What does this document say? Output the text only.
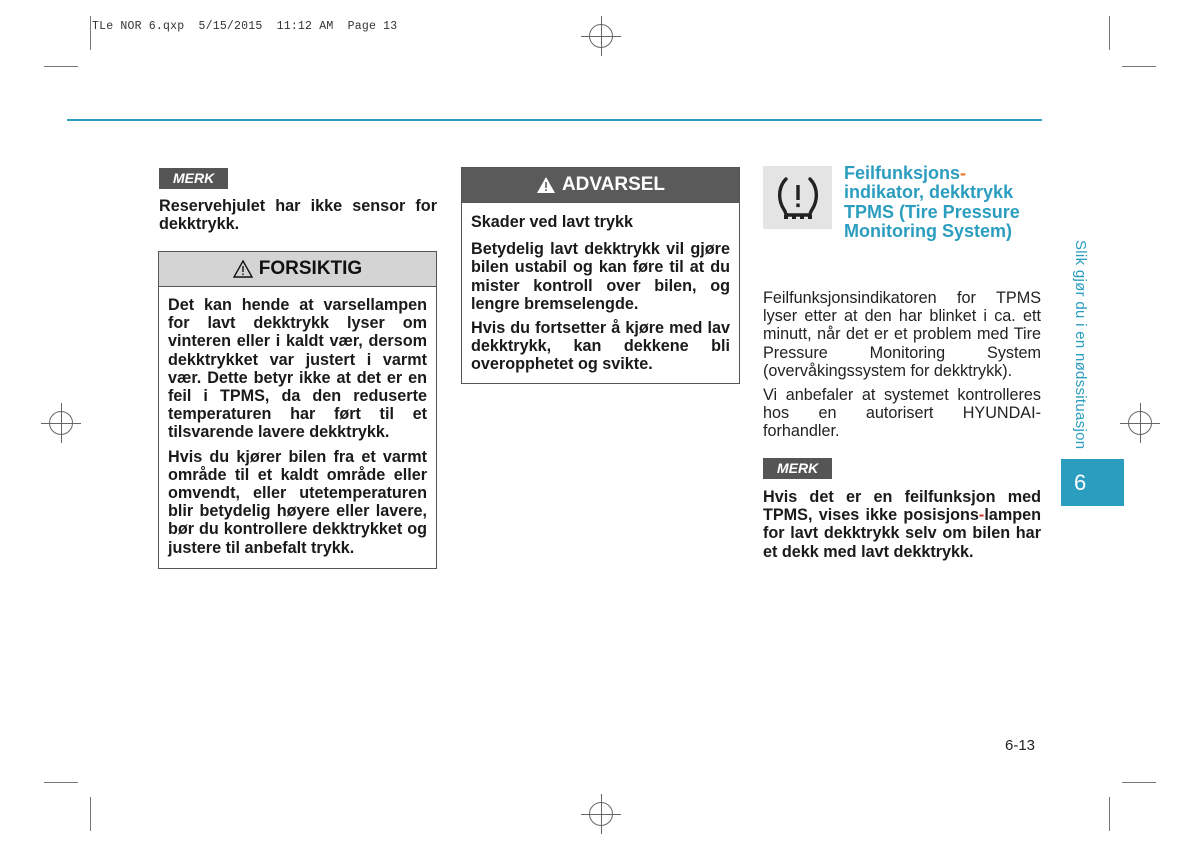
TLe NOR 6.qxp  5/15/2015  11:12 AM  Page 13
MERK

Reservehjulet har ikke sensor for dekktrykk.

FORSIKTIG

Det kan hende at varsellampen for lavt dekktrykk lyser om vinteren eller i kaldt vær, dersom dekktrykket var justert i varmt vær. Dette betyr ikke at det er en feil i TPMS, da den reduserte temperaturen har ført til et tilsvarende lavere dekktrykk.

Hvis du kjører bilen fra et varmt område til et kaldt område eller omvendt, eller utetemperaturen blir betydelig høyere eller lavere, bør du kontrollere dekktrykket og justere til anbefalt trykk.

ADVARSEL

Skader ved lavt trykk

Betydelig lavt dekktrykk vil gjøre bilen ustabil og kan føre til at du mister kontroll over bilen, og lengre bremselengde.

Hvis du fortsetter å kjøre med lav dekktrykk, kan dekkene bli overopphetet og svikte.

Feilfunksjons-
indikator, dekktrykk TPMS (Tire Pressure Monitoring System)

Feilfunksjonsindikatoren for TPMS lyser etter at den har blinket i ca. ett minutt, når det er et problem med Tire Pressure Monitoring System (overvåkingssystem for dekktrykk).

Vi anbefaler at systemet kontrolleres hos en autorisert HYUNDAI-forhandler.

MERK

Hvis det er en feilfunksjon med TPMS, vises ikke posisjons-lampen for lavt dekktrykk selv om bilen har et dekk med lavt dekktrykk.

Slik gjør du i en nødssituasjon
6
6-13
